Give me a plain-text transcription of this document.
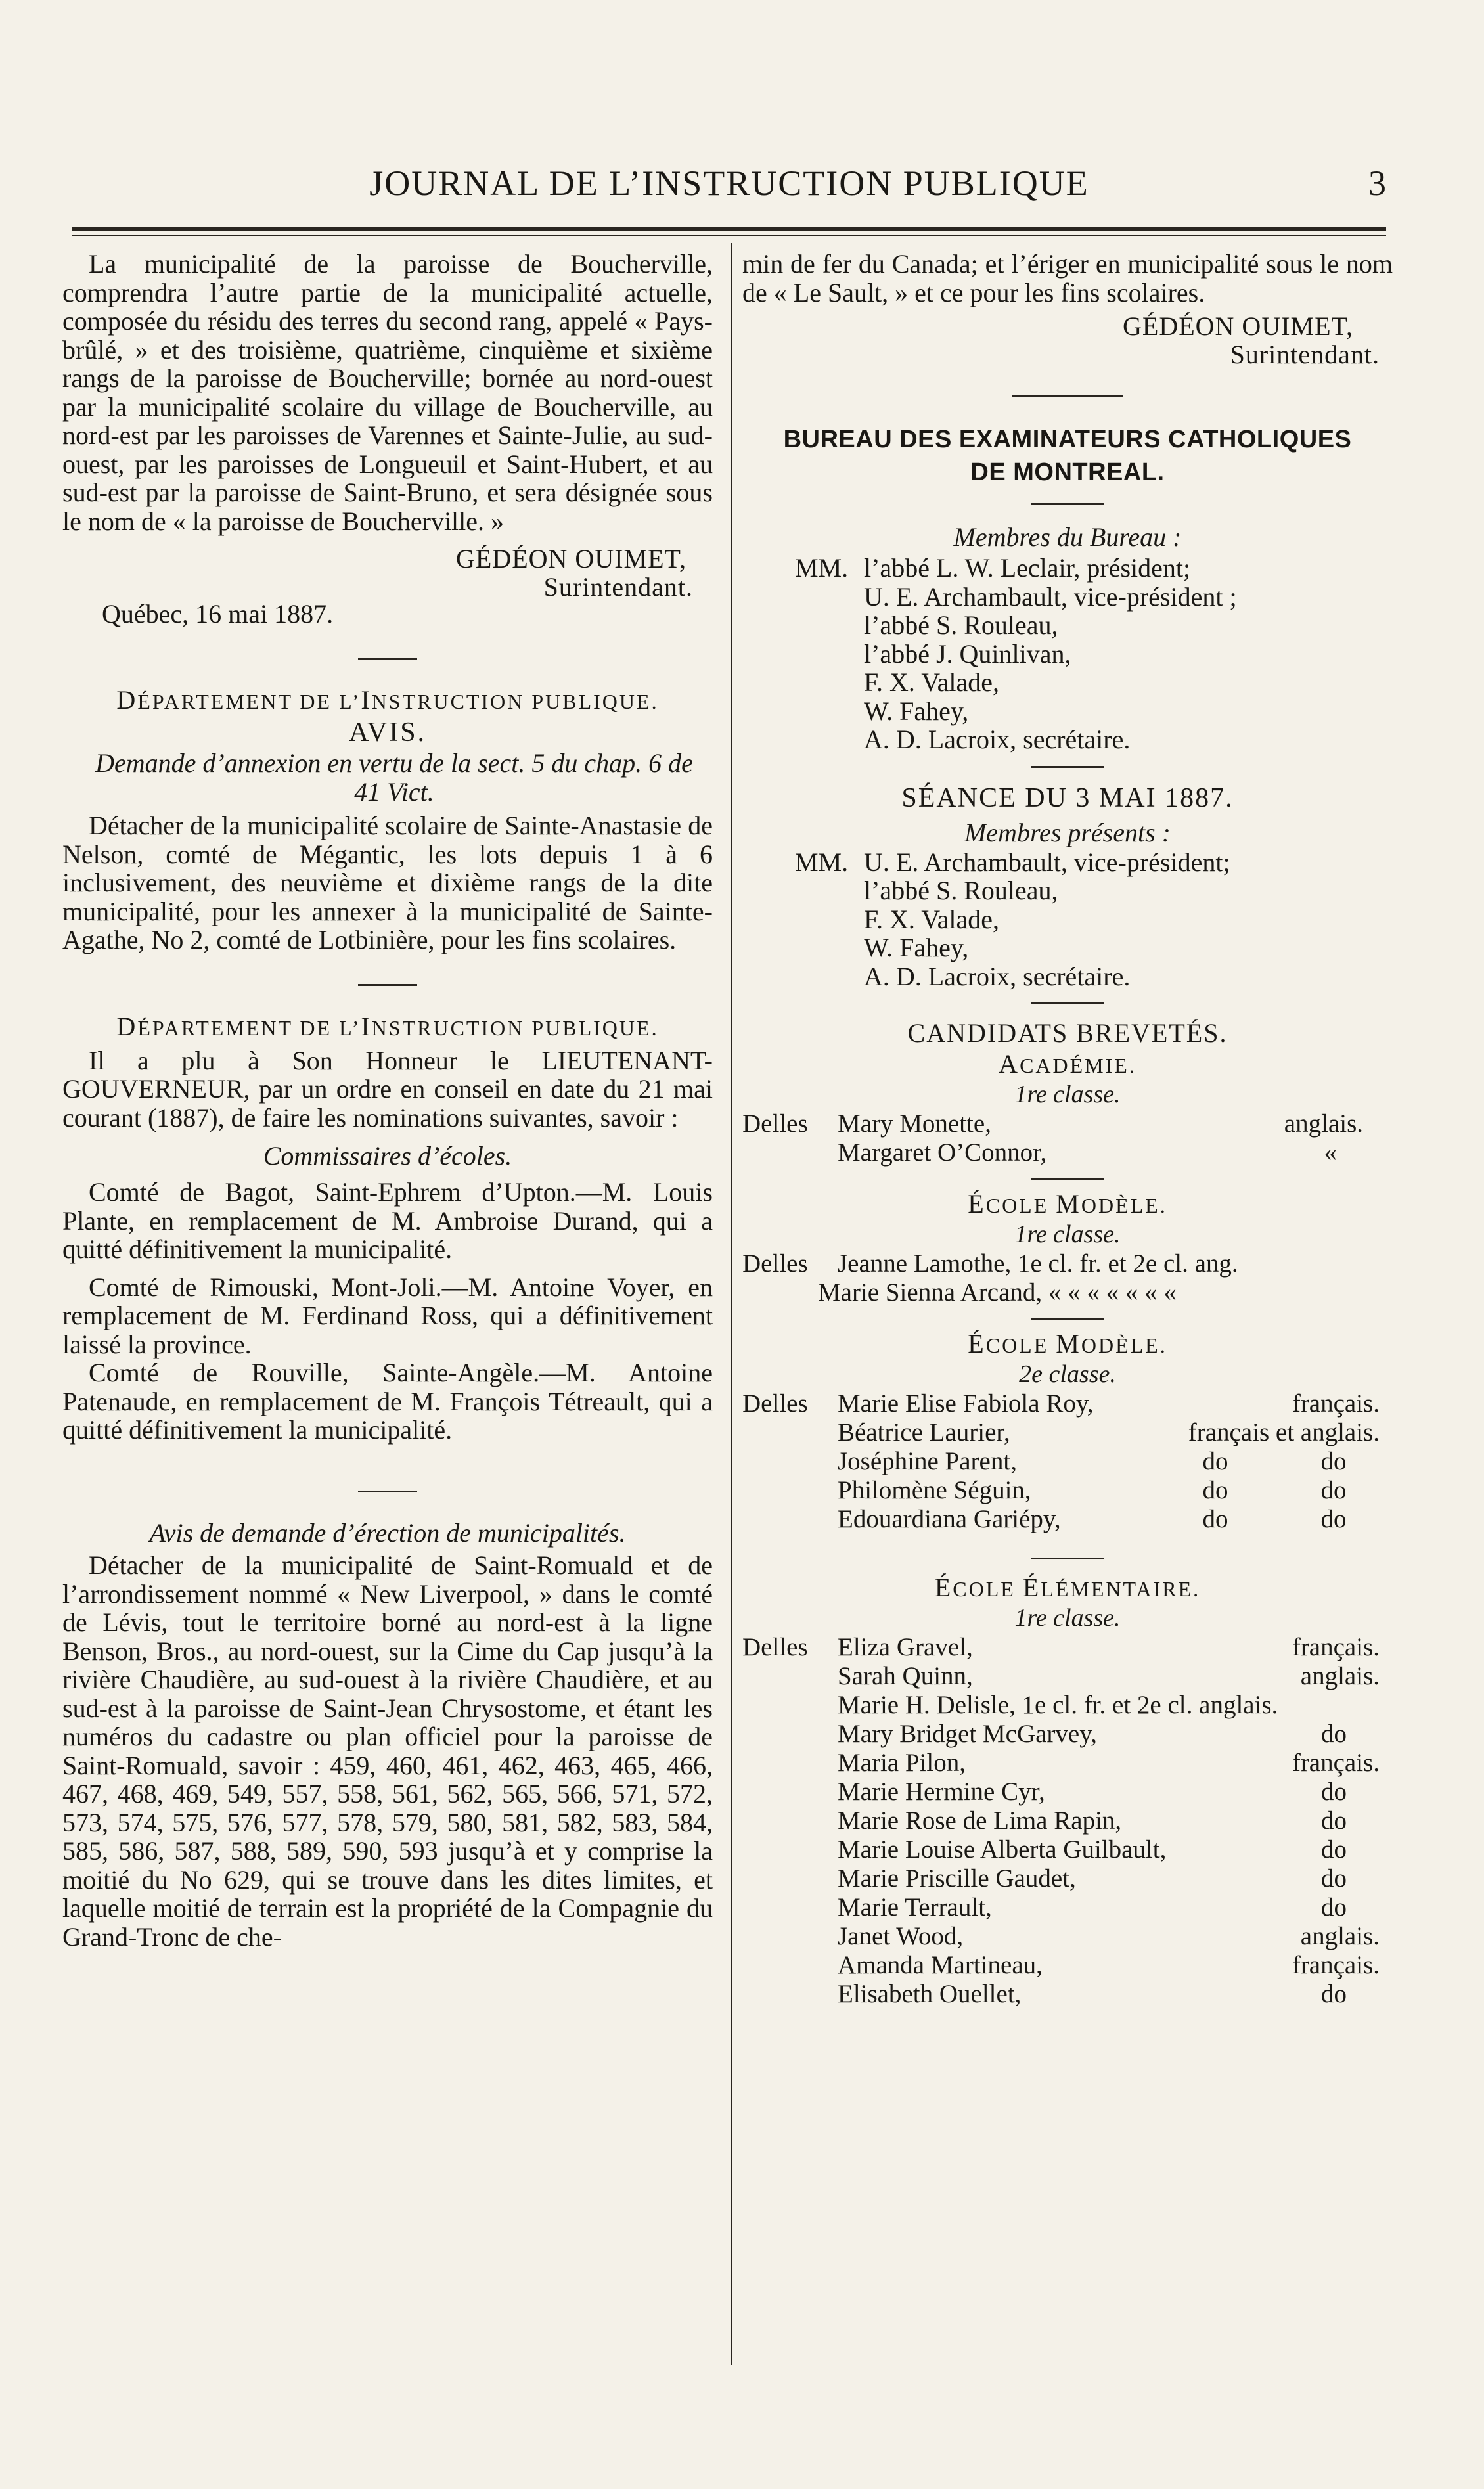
JOURNAL DE L’INSTRUCTION PUBLIQUE	3

La municipalité de la paroisse de Boucherville, comprendra l’autre partie de la municipalité actuelle, composée du résidu des terres du second rang, appelé « Pays-brûlé, » et des troisième, quatrième, cinquième et sixième rangs de la paroisse de Boucherville; bornée au nord-ouest par la municipalité scolaire du village de Boucherville, au nord-est par les paroisses de Varennes et Sainte-Julie, au sud-ouest, par les paroisses de Longueuil et Saint-Hubert, et au sud-est par la paroisse de Saint-Bruno, et sera désignée sous le nom de « la paroisse de Boucherville. »

GÉDÉON OUIMET,
Surintendant.
Québec, 16 mai 1887.
DÉPARTEMENT DE L’INSTRUCTION PUBLIQUE.
AVIS.

Demande d’annexion en vertu de la sect. 5 du chap. 6 de 41 Vict.

Détacher de la municipalité scolaire de Sainte-Anastasie de Nelson, comté de Mégantic, les lots depuis 1 à 6 inclusivement, des neuvième et dixième rangs de la dite municipalité, pour les annexer à la municipalité de Sainte-Agathe, No 2, comté de Lotbinière, pour les fins scolaires.

DÉPARTEMENT DE L’INSTRUCTION PUBLIQUE.

Il a plu à Son Honneur le LIEUTENANT-GOUVERNEUR, par un ordre en conseil en date du 21 mai courant (1887), de faire les nominations suivantes, savoir :

Commissaires d’écoles.

Comté de Bagot, Saint-Ephrem d’Upton.—M. Louis Plante, en remplacement de M. Ambroise Durand, qui a quitté définitivement la municipalité.

Comté de Rimouski, Mont-Joli.—M. Antoine Voyer, en remplacement de M. Ferdinand Ross, qui a définitivement laissé la province.

Comté de Rouville, Sainte-Angèle.—M. Antoine Patenaude, en remplacement de M. François Tétreault, qui a quitté définitivement la municipalité.

Avis de demande d’érection de municipalités.

Détacher de la municipalité de Saint-Romuald et de l’arrondissement nommé « New Liverpool, » dans le comté de Lévis, tout le territoire borné au nord-est à la ligne Benson, Bros., au nord-ouest, sur la Cime du Cap jusqu’à la rivière Chaudière, au sud-ouest à la rivière Chaudière, et au sud-est à la paroisse de Saint-Jean Chrysostome, et étant les numéros du cadastre ou plan officiel pour la paroisse de Saint-Romuald, savoir : 459, 460, 461, 462, 463, 465, 466, 467, 468, 469, 549, 557, 558, 561, 562, 565, 566, 571, 572, 573, 574, 575, 576, 577, 578, 579, 580, 581, 582, 583, 584, 585, 586, 587, 588, 589, 590, 593 jusqu’à et y comprise la moitié du No 629, qui se trouve dans les dites limites, et laquelle moitié de terrain est la propriété de la Compagnie du Grand-Tronc de che-

min de fer du Canada; et l’ériger en municipalité sous le nom de « Le Sault, » et ce pour les fins scolaires.

GÉDÉON OUIMET,
Surintendant.
BUREAU DES EXAMINATEURS CATHOLIQUES
DE MONTREAL.
Membres du Bureau :
MM. l’abbé L. W. Leclair, président;
U. E. Archambault, vice-président ;
l’abbé S. Rouleau,
l’abbé J. Quinlivan,
F. X. Valade,
W. Fahey,
A. D. Lacroix, secrétaire.
SÉANCE DU 3 MAI 1887.
Membres présents :
MM. U. E. Archambault, vice-président;
l’abbé S. Rouleau,
F. X. Valade,
W. Fahey,
A. D. Lacroix, secrétaire.
CANDIDATS BREVETÉS.
ACADÉMIE.
1re classe.
Delles Mary Monette,	anglais.
Margaret O’Connor,	«
ÉCOLE MODÈLE.
1re classe.
Delles Jeanne Lamothe, 1e cl. fr. et 2e cl. ang.
Marie Sienna Arcand, « « « « « « «
ÉCOLE MODÈLE.
2e classe.
Delles Marie Elise Fabiola Roy,	français.
Béatrice Laurier,	français et anglais.
Joséphine Parent,	do	do
Philomène Séguin,	do	do
Edouardiana Gariépy,	do	do
ÉCOLE ÉLÉMENTAIRE.
1re classe.
Delles Eliza Gravel,	français.
Sarah Quinn,	anglais.
Marie H. Delisle, 1e cl. fr. et 2e cl. anglais.
Mary Bridget McGarvey,	do
Maria Pilon,	français.
Marie Hermine Cyr,	do
Marie Rose de Lima Rapin,	do
Marie Louise Alberta Guilbault,	do
Marie Priscille Gaudet,	do
Marie Terrault,	do
Janet Wood,	anglais.
Amanda Martineau,	français.
Elisabeth Ouellet,	do
